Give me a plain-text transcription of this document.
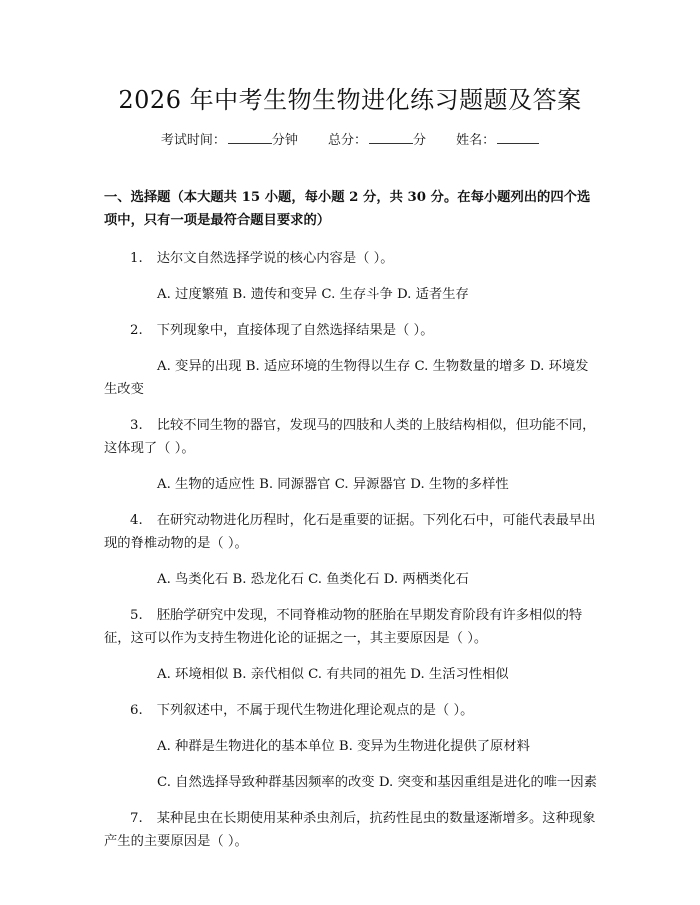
2026 年中考生物生物进化练习题题及答案
考试时间：	分钟 总分：	分 姓名：
一、选择题（本大题共 15 小题，每小题 2 分，共 30 分。在每小题列出的四个选项中，只有一项是最符合题目要求的）
1. 达尔文自然选择学说的核心内容是（ ）。
A. 过度繁殖 B. 遗传和变异 C. 生存斗争 D. 适者生存
2. 下列现象中，直接体现了自然选择结果是（ ）。
A. 变异的出现 B. 适应环境的生物得以生存 C. 生物数量的增多 D. 环境发生改变
3. 比较不同生物的器官，发现马的四肢和人类的上肢结构相似，但功能不同，这体现了（ ）。
A. 生物的适应性 B. 同源器官 C. 异源器官 D. 生物的多样性
4. 在研究动物进化历程时，化石是重要的证据。下列化石中，可能代表最早出现的脊椎动物的是（ ）。
A. 鸟类化石 B. 恐龙化石 C. 鱼类化石 D. 两栖类化石
5. 胚胎学研究中发现，不同脊椎动物的胚胎在早期发育阶段有许多相似的特征，这可以作为支持生物进化论的证据之一，其主要原因是（ ）。
A. 环境相似 B. 亲代相似 C. 有共同的祖先 D. 生活习性相似
6. 下列叙述中，不属于现代生物进化理论观点的是（ ）。
A. 种群是生物进化的基本单位 B. 变异为生物进化提供了原材料
C. 自然选择导致种群基因频率的改变 D. 突变和基因重组是进化的唯一因素
7. 某种昆虫在长期使用某种杀虫剂后，抗药性昆虫的数量逐渐增多。这种现象产生的主要原因是（ ）。
